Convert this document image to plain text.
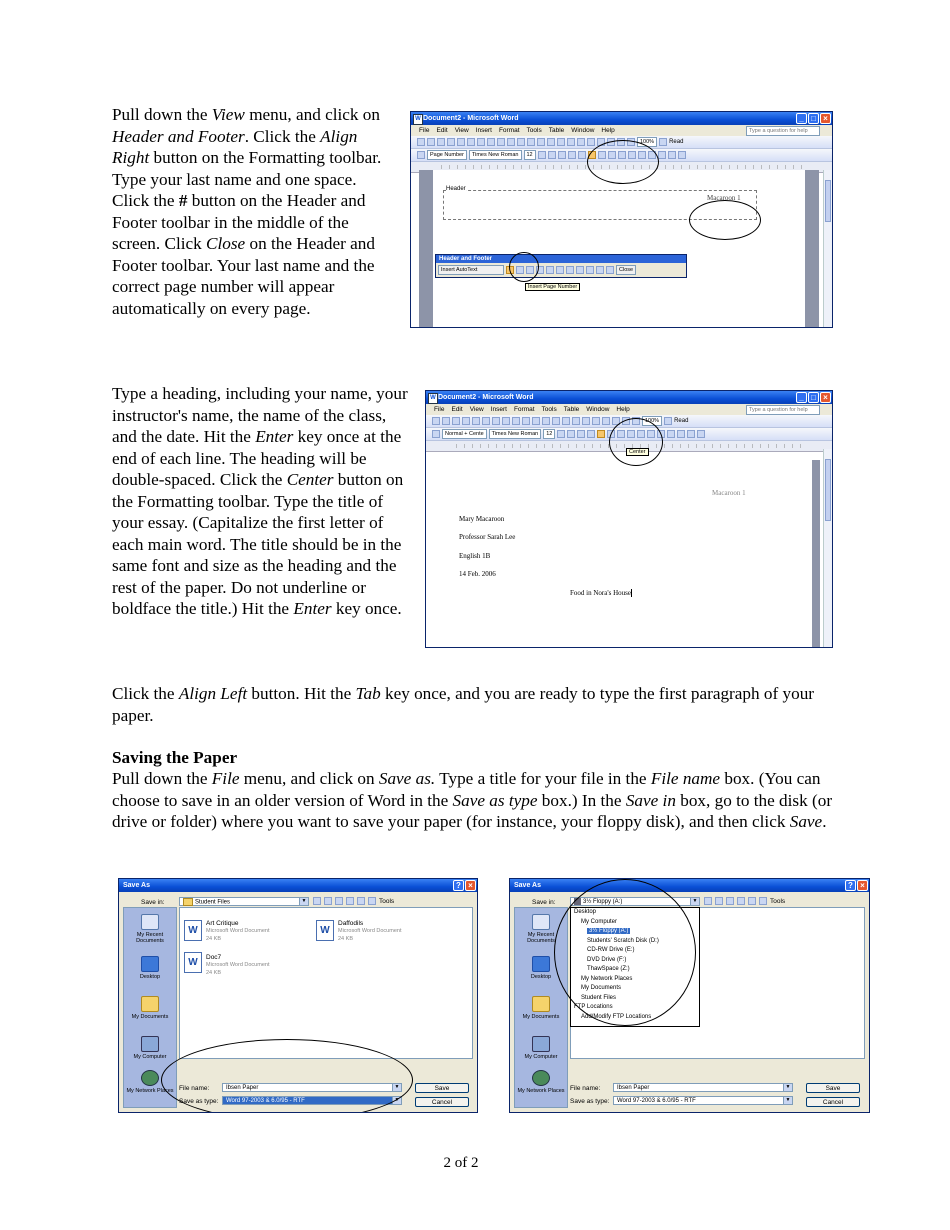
Pull down the View menu, and click on Header and Footer. Click the Align Right button on the Formatting toolbar. Type your last name and one space. Click the # button on the Header and Footer toolbar in the middle of the screen. Click Close on the Header and Footer toolbar. Your last name and the correct page number will appear automatically on every page.

W Document2 - Microsoft Word	_ □ ×
File Edit View Insert Format Tools Table Window Help	Type a question for help
100%	Read
Page Number	Times New Roman	12
Header
Macaroon 1
Header and Footer
Insert AutoText	Close
Insert Page Number

Type a heading, including your name, your instructor's name, the name of the class, and the date. Hit the Enter key once at the end of each line. The heading will be double-spaced. Click the Center button on the Formatting toolbar. Type the title of your essay. (Capitalize the first letter of each main word. The title should be in the same font and size as the heading and the rest of the paper. Do not underline or boldface the title.) Hit the Enter key once.

W Document2 - Microsoft Word	_ □ ×
File Edit View Insert Format Tools Table Window Help	Type a question for help
100%	Read
Normal + Cente	Times New Roman	12
Center
Macaroon 1
Mary Macaroon
Professor Sarah Lee
English 1B
14 Feb. 2006
Food in Nora's House

Click the Align Left button. Hit the Tab key once, and you are ready to type the first paragraph of your paper.

Saving the Paper

Pull down the File menu, and click on Save as. Type a title for your file in the File name box. (You can choose to save in an older version of Word in the Save as type box.) In the Save in box, go to the disk (or drive or folder) where you want to save your paper (for instance, your floppy disk), and then click Save.

Save As	? ×
Save in:	Student Files	▼	Tools
My Recent Documents
Desktop
My Documents
My Computer
My Network Places
W
Art Critique
Microsoft Word Document
24 KB
W
Daffodils
Microsoft Word Document
24 KB
W	Doc7
Microsoft Word Document
24 KB
File name:	Ibsen Paper	▼
Save as type:	Word 97-2003 & 6.0/95 - RTF	▼
Save
Cancel
Save As	? ×
Save in:	3½ Floppy (A:)	▼	Tools
My Recent Documents
Desktop
My Documents
My Computer
My Network Places
Desktop
My Computer
3½ Floppy (A:)
Students' Scratch Disk (D:)
CD-RW Drive (E:)
DVD Drive (F:)
ThawSpace (Z:)
My Network Places
My Documents
Student Files
FTP Locations
Add/Modify FTP Locations
File name:	Ibsen Paper	▼
Save as type:	Word 97-2003 & 6.0/95 - RTF	▼
Save
Cancel
2 of 2
